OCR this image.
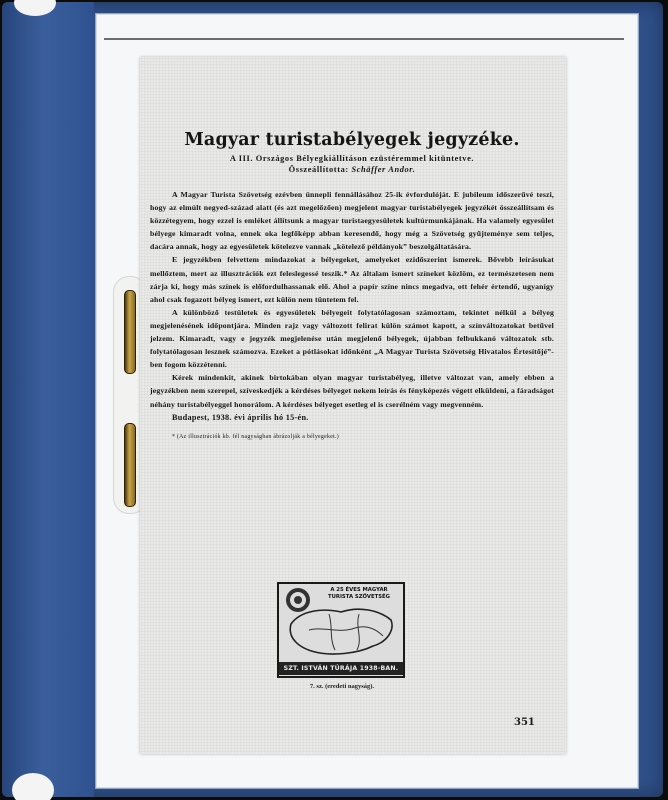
Magyar turistabélyegek jegyzéke.

A III. Országos Bélyegkiállításon ezüstéremmel kitüntetve.

Összeállította: Schäffer Andor.

A Magyar Turista Szövetség ezévben ünnepli fennállásához 25-ik évfordulóját. E jubileum időszerűvé teszi, hogy az elmúlt negyed-század alatt (és azt megelőzően) megjelent magyar turistabélyegek jegyzékét összeállítsam és közzétegyem, hogy ezzel is emléket állítsunk a magyar turistaegyesületek kultúrmunkájának. Ha valamely egyesület bélyege kimaradt volna, ennek oka legfőképp abban keresendő, hogy még a Szövetség gyűjteménye sem teljes, dacára annak, hogy az egyesületek kötelezve vannak „kötelező példányok” beszolgáltatására.

E jegyzékben felvettem mindazokat a bélyegeket, amelyeket ezidőszerint ismerek. Bővebb leírásukat mellőztem, mert az illusztrációk ezt feleslegessé teszik.* Az általam ismert színeket közlöm, ez természetesen nem zárja ki, hogy más színek is előfordulhassanak elő. Ahol a papír színe nincs megadva, ott fehér értendő, ugyanígy ahol csak fogazott bélyeg ismert, ezt külön nem tüntetem fel.

A különböző testületek és egyesületek bélyegeit folytatólagosan számoztam, tekintet nélkül a bélyeg megjelenésének időpontjára. Minden rajz vagy változott felirat külön számot kapott, a színváltozatokat betűvel jelzem. Kimaradt, vagy e jegyzék megjelenése után megjelenő bélyegek, újabban felbukkanó változatok stb. folytatólagosan lesznek számozva. Ezeket a pótlásokat időnként „A Magyar Turista Szövetség Hivatalos Értesítőjé”-ben fogom közzétenni.

Kérek mindenkit, akinek birtokában olyan magyar turistabélyeg, illetve változat van, amely ebben a jegyzékben nem szerepel, szíveskedjék a kérdéses bélyeget nekem leírás és fényképezés végett elküldeni, a fáradságot néhány turistabélyeggel honorálom. A kérdéses bélyeget esetleg el is cserélném vagy megvenném.

Budapest, 1938. évi április hó 15-én.

* (Az illusztrációk kb. fél nagyságban ábrázolják a bélyegeket.)

A 25 ÉVES MAGYAR TURISTA SZÖVETSÉG
SZT. ISTVÁN TÚRÁJA 1938-BAN.
7. sz. (eredeti nagyság).
351
